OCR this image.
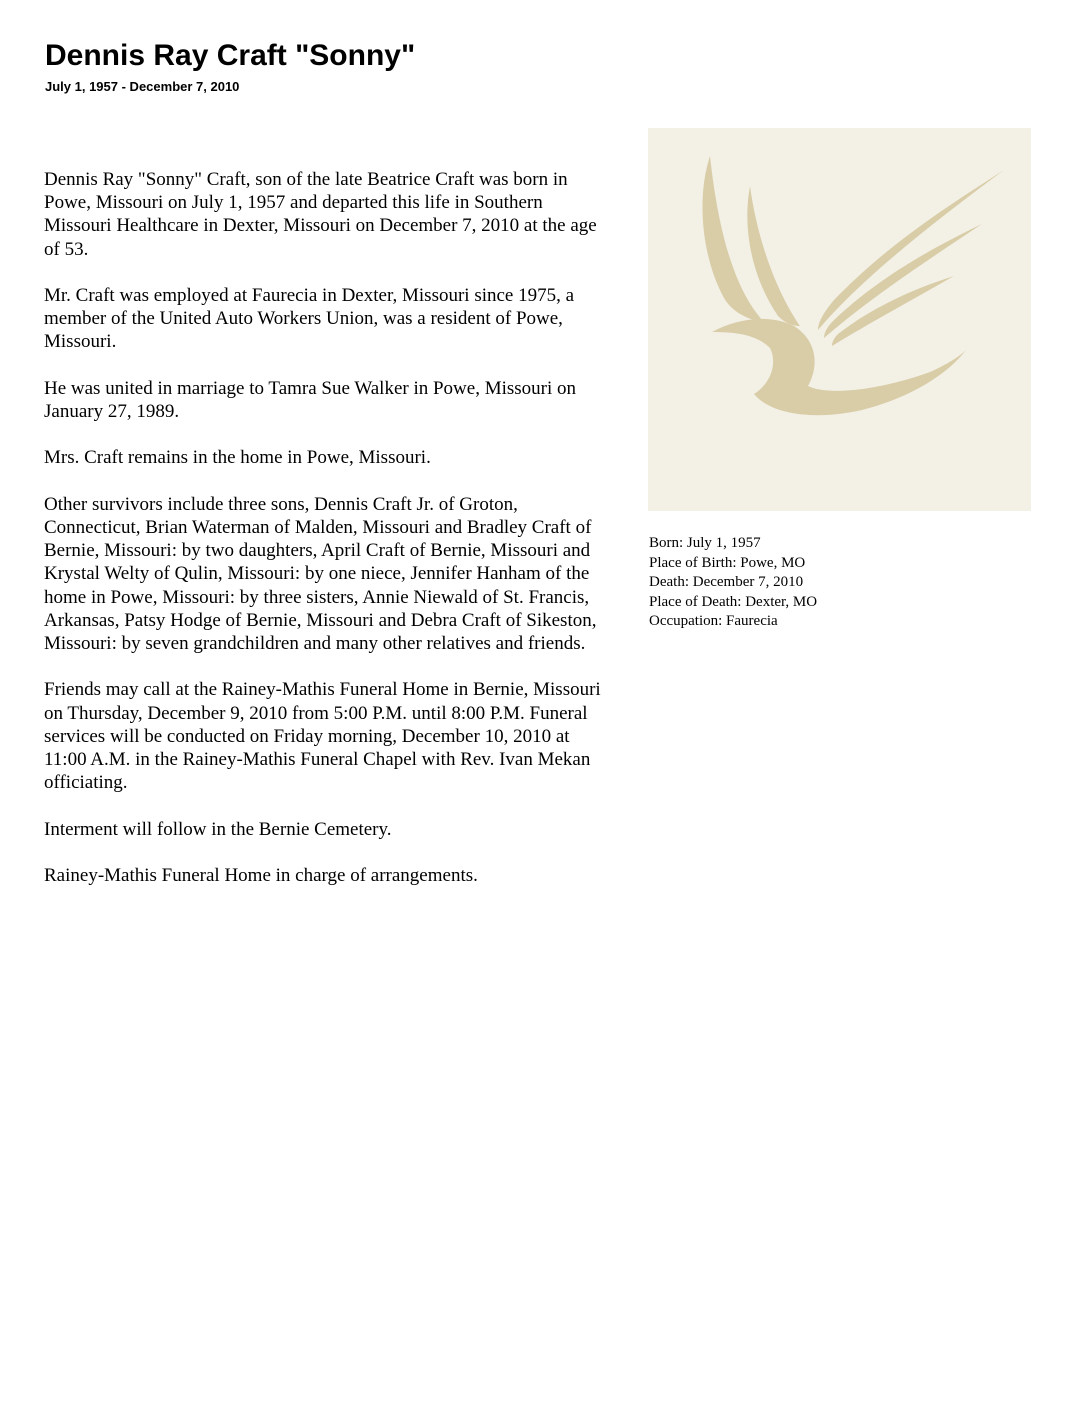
Dennis Ray Craft "Sonny"
July 1, 1957 - December 7, 2010

Dennis Ray "Sonny" Craft, son of the late Beatrice Craft was born in Powe, Missouri on July 1, 1957 and departed this life in Southern Missouri Healthcare in Dexter, Missouri on December 7, 2010 at the age of 53.

Mr. Craft was employed at Faurecia in Dexter, Missouri since 1975, a member of the United Auto Workers Union, was a resident of Powe, Missouri.

He was united in marriage to Tamra Sue Walker in Powe, Missouri on January 27, 1989.

Mrs. Craft remains in the home in Powe, Missouri.

Other survivors include three sons, Dennis Craft Jr. of Groton, Connecticut, Brian Waterman of Malden, Missouri and Bradley Craft of Bernie, Missouri: by two daughters, April Craft of Bernie, Missouri and Krystal Welty of Qulin, Missouri: by one niece, Jennifer Hanham of the home in Powe, Missouri: by three sisters, Annie Niewald of St. Francis, Arkansas, Patsy Hodge of Bernie, Missouri and Debra Craft of Sikeston, Missouri: by seven grandchildren and many other relatives and friends.

Friends may call at the Rainey-Mathis Funeral Home in Bernie, Missouri on Thursday, December 9, 2010 from 5:00 P.M. until 8:00 P.M. Funeral services will be conducted on Friday morning, December 10, 2010 at 11:00 A.M. in the Rainey-Mathis Funeral Chapel with Rev. Ivan Mekan officiating.

Interment will follow in the Bernie Cemetery.

Rainey-Mathis Funeral Home in charge of arrangements.

Born: July 1, 1957
Place of Birth: Powe, MO
Death: December 7, 2010
Place of Death: Dexter, MO
Occupation: Faurecia
